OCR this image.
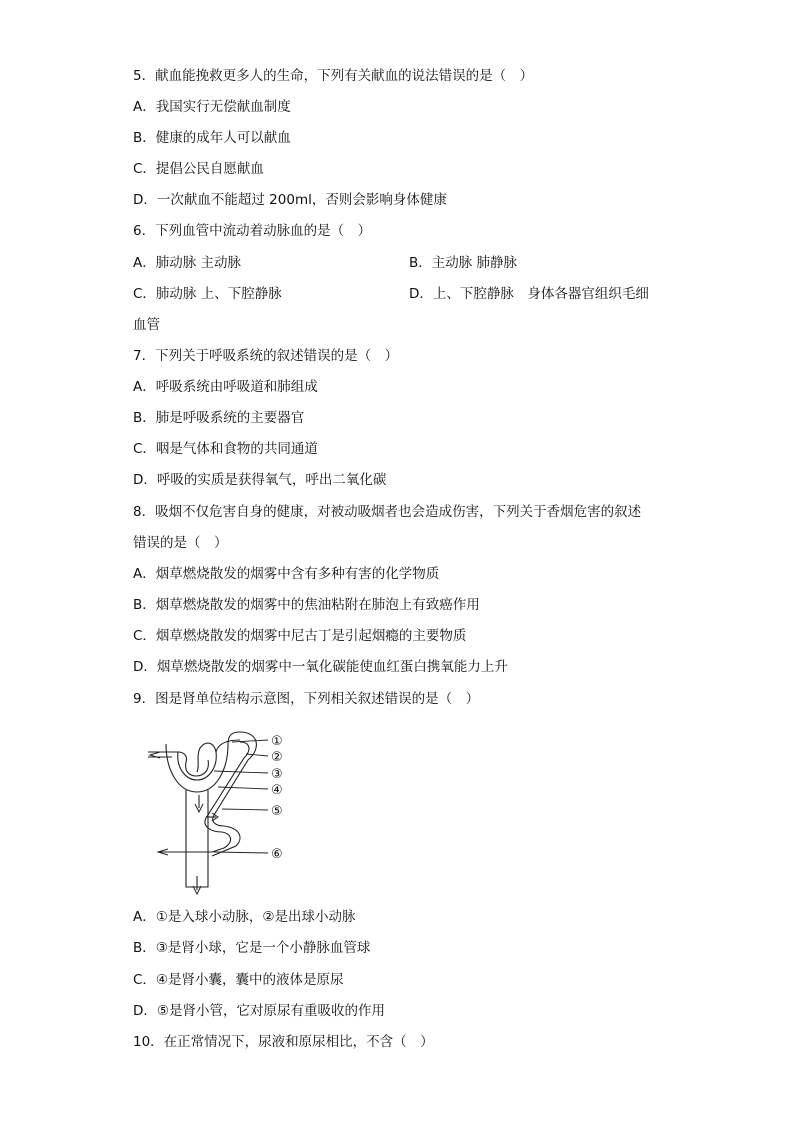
5．献血能挽救更多人的生命，下列有关献血的说法错误的是（　）
A．我国实行无偿献血制度
B．健康的成年人可以献血
C．提倡公民自愿献血
D．一次献血不能超过 200ml，否则会影响身体健康
6．下列血管中流动着动脉血的是（　）
A．肺动脉 主动脉	B．主动脉 肺静脉
C．肺动脉 上、下腔静脉	D．上、下腔静脉　身体各器官组织毛细
血管
7．下列关于呼吸系统的叙述错误的是（　）
A．呼吸系统由呼吸道和肺组成
B．肺是呼吸系统的主要器官
C．咽是气体和食物的共同通道
D．呼吸的实质是获得氧气，呼出二氧化碳
8．吸烟不仅危害自身的健康，对被动吸烟者也会造成伤害，下列关于香烟危害的叙述
错误的是（　）
A．烟草燃烧散发的烟雾中含有多种有害的化学物质
B．烟草燃烧散发的烟雾中的焦油粘附在肺泡上有致癌作用
C．烟草燃烧散发的烟雾中尼古丁是引起烟瘾的主要物质
D．烟草燃烧散发的烟雾中一氧化碳能使血红蛋白携氧能力上升
9．图是肾单位结构示意图，下列相关叙述错误的是（　）
①
②
③
④
⑤
⑥
A．①是入球小动脉，②是出球小动脉
B．③是肾小球，它是一个小静脉血管球
C．④是肾小囊，囊中的液体是原尿
D．⑤是肾小管，它对原尿有重吸收的作用
10．在正常情况下，尿液和原尿相比，不含（　）
